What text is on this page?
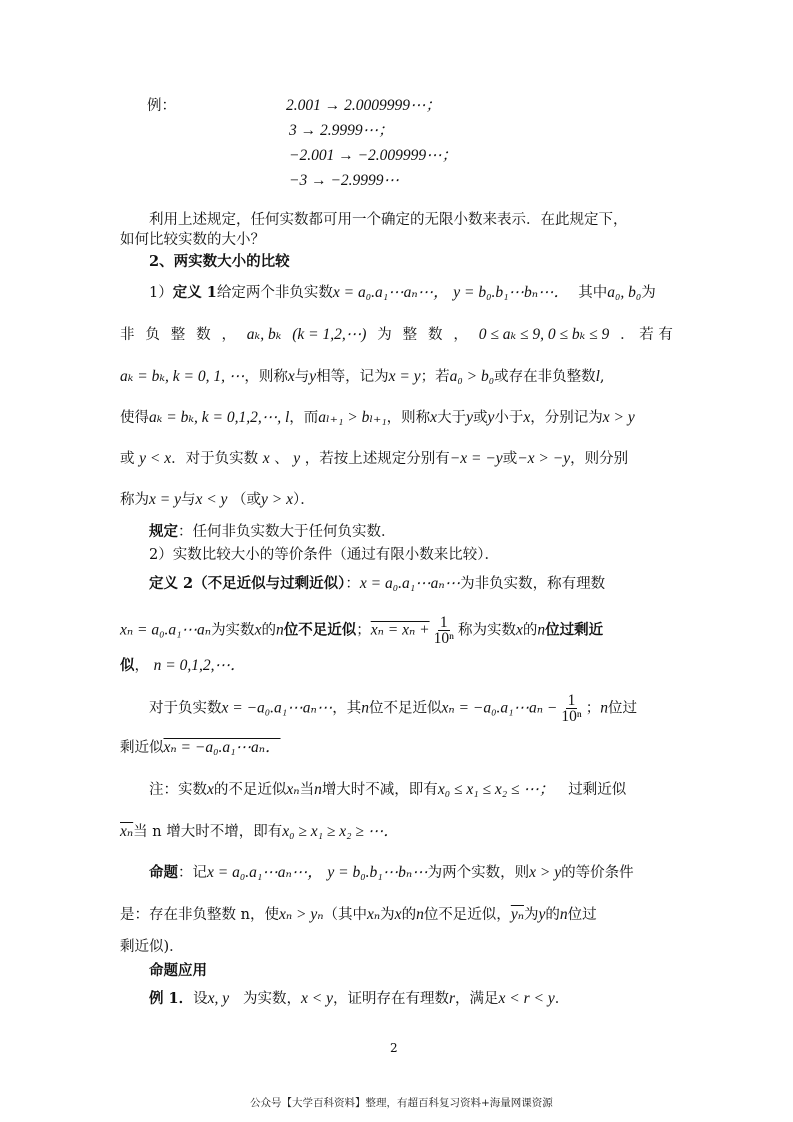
例：	2.001 → 2.0009999⋯；
3 → 2.9999⋯；
−2.001 → −2.009999⋯；
−3 → −2.9999⋯
利用上述规定，任何实数都可用一个确定的无限小数来表示．在此规定下，
如何比较实数的大小？
2、两实数大小的比较
1）定义 1给定两个非负实数x = a₀.a₁⋯aₙ⋯， y = b₀.b₁⋯bₙ⋯． 其中a₀, b₀为
非 负 整 数 ， aₖ, bₖ (k = 1,2,⋯) 为 整 数 ， 0 ≤ aₖ ≤ 9, 0 ≤ bₖ ≤ 9 ． 若 有
aₖ = bₖ, k = 0, 1, ⋯，则称x与y相等，记为x = y；若a₀ > b₀或存在非负整数l,
使得aₖ = bₖ, k = 0,1,2,⋯, l，而aₗ₊₁ > bₗ₊₁，则称x大于y或y小于x，分别记为x > y
或 y < x．对于负实数 x 、 y ，若按上述规定分别有−x = −y或−x > −y，则分别
称为x = y与x < y （或y > x）．
规定：任何非负实数大于任何负实数．
2）实数比较大小的等价条件（通过有限小数来比较）．
定义 2（不足近似与过剩近似）：x = a₀.a₁⋯aₙ⋯为非负实数，称有理数
xₙ = a₀.a₁⋯aₙ为实数x的n位不足近似；$x_n = x_n + \frac{1}{\text{10ⁿ}}$ 称为实数x的n位过剩近
似， n = 0,1,2,⋯．
对于负实数x = −a₀.a₁⋯aₙ⋯，其n位不足近似xₙ = −a₀.a₁⋯aₙ − $\frac{1}{\text{10ⁿ}}$ ；n位过
剩近似xₙ = −a₀.a₁⋯aₙ．
注：实数x的不足近似xₙ当n增大时不减，即有x₀ ≤ x₁ ≤ x₂ ≤ ⋯； 过剩近似
$\overline{x_n}$当 n 增大时不增，即有x₀ ≥ x₁ ≥ x₂ ≥ ⋯．
命题：记x = a₀.a₁⋯aₙ⋯， y = b₀.b₁⋯bₙ⋯为两个实数，则x > y的等价条件
是：存在非负整数 n，使xₙ > yₙ（其中xₙ为x的n位不足近似，$\overline{y_n}$为y的n位过
剩近似)．
命题应用
例 1．设x, y 为实数，x < y，证明存在有理数r，满足x < r < y．
2
公众号【大学百科资料】整理，有超百科复习资料+海量网课资源
